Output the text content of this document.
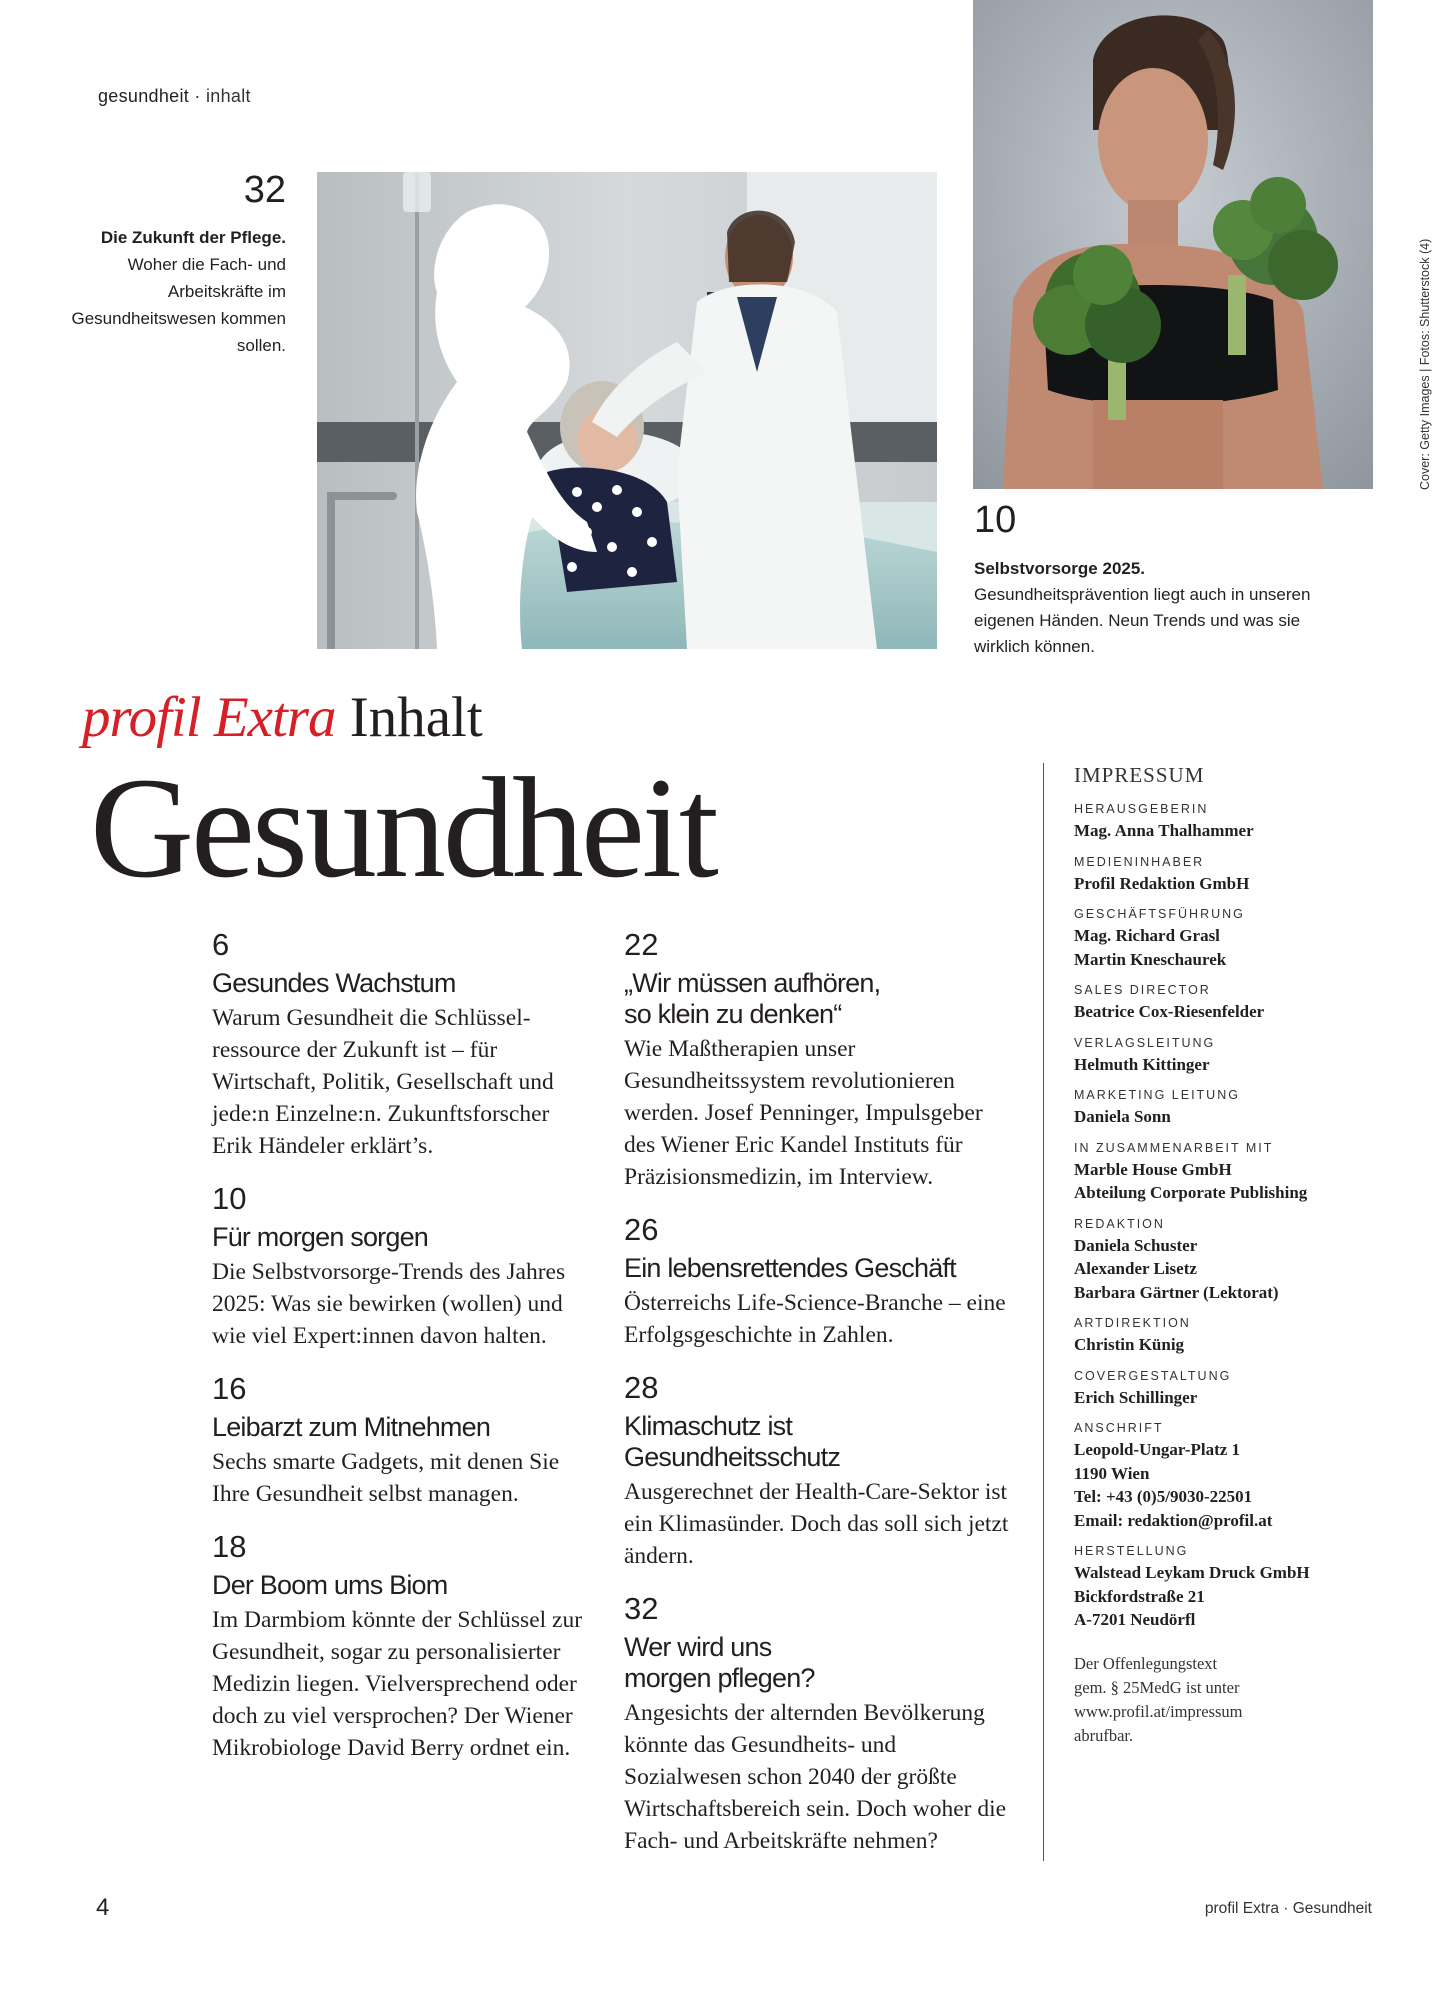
gesundheit · inhalt
32
Die Zukunft der Pflege. Woher die Fach- und Arbeitskräfte im Gesundheitswesen kommen sollen.	Cover: Getty Images | Fotos: Shutterstock (4)
10
Selbstvorsorge 2025.
Gesundheitsprävention liegt auch in unseren eigenen Händen. Neun Trends und was sie wirklich können.
profil Extra Inhalt
Gesundheit
6
Gesundes Wachstum
Warum Gesundheit die Schlüssel-ressource der Zukunft ist – für Wirtschaft, Politik, Gesellschaft und jede:n Einzelne:n. Zukunftsforscher Erik Händeler erklärt’s.
10
Für morgen sorgen
Die Selbstvorsorge-Trends des Jahres 2025: Was sie bewirken (wollen) und wie viel Expert:innen davon halten.
16
Leibarzt zum Mitnehmen
Sechs smarte Gadgets, mit denen Sie Ihre Gesundheit selbst managen.
18
Der Boom ums Biom
Im Darmbiom könnte der Schlüssel zur Gesundheit, sogar zu personalisierter Medizin liegen. Vielversprechend oder doch zu viel versprochen? Der Wiener Mikrobiologe David Berry ordnet ein.
22
„Wir müssen aufhören,
so klein zu denken“
Wie Maßtherapien unser Gesundheitssystem revolutionieren werden. Josef Penninger, Impulsgeber des Wiener Eric Kandel Instituts für Präzisionsmedizin, im Interview.
26
Ein lebensrettendes Geschäft
Österreichs Life-Science-Branche – eine Erfolgsgeschichte in Zahlen.
28
Klimaschutz ist
Gesundheitsschutz
Ausgerechnet der Health-Care-Sektor ist ein Klimasünder. Doch das soll sich jetzt ändern.
32
Wer wird uns
morgen pflegen?
Angesichts der alternden Bevölkerung könnte das Gesundheits- und Sozialwesen schon 2040 der größte Wirtschaftsbereich sein. Doch woher die Fach- und Arbeitskräfte nehmen?
IMPRESSUM
HERAUSGEBERIN
Mag. Anna Thalhammer
MEDIENINHABER
Profil Redaktion GmbH
GESCHÄFTSFÜHRUNG
Mag. Richard Grasl
Martin Kneschaurek
SALES DIRECTOR
Beatrice Cox-Riesenfelder
VERLAGSLEITUNG
Helmuth Kittinger
MARKETING LEITUNG
Daniela Sonn
IN ZUSAMMENARBEIT MIT
Marble House GmbH
Abteilung Corporate Publishing
REDAKTION
Daniela Schuster
Alexander Lisetz
Barbara Gärtner (Lektorat)
ARTDIREKTION
Christin Künig
COVERGESTALTUNG
Erich Schillinger
ANSCHRIFT
Leopold-Ungar-Platz 1
1190 Wien
Tel: +43 (0)5/9030-22501
Email: redaktion@profil.at
HERSTELLUNG
Walstead Leykam Druck GmbH
Bickfordstraße 21
A-7201 Neudörfl
Der Offenlegungstext
gem. § 25MedG ist unter
www.profil.at/impressum
abrufbar.
4	profil Extra · Gesundheit
